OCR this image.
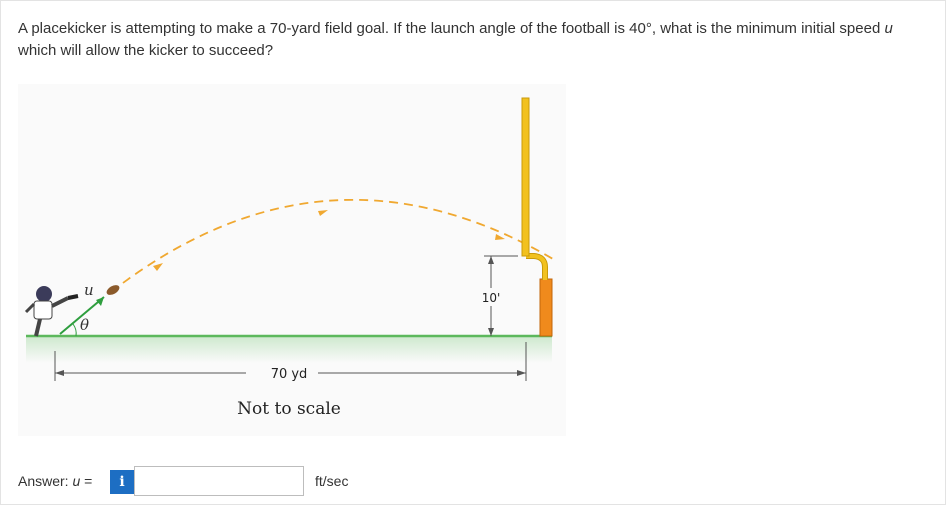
A placekicker is attempting to make a 70-yard field goal. If the launch angle of the football is 40°, what is the minimum initial speed u which will allow the kicker to succeed?
u
θ
10'
70 yd
Not to scale
Answer: u =	i	ft/sec
